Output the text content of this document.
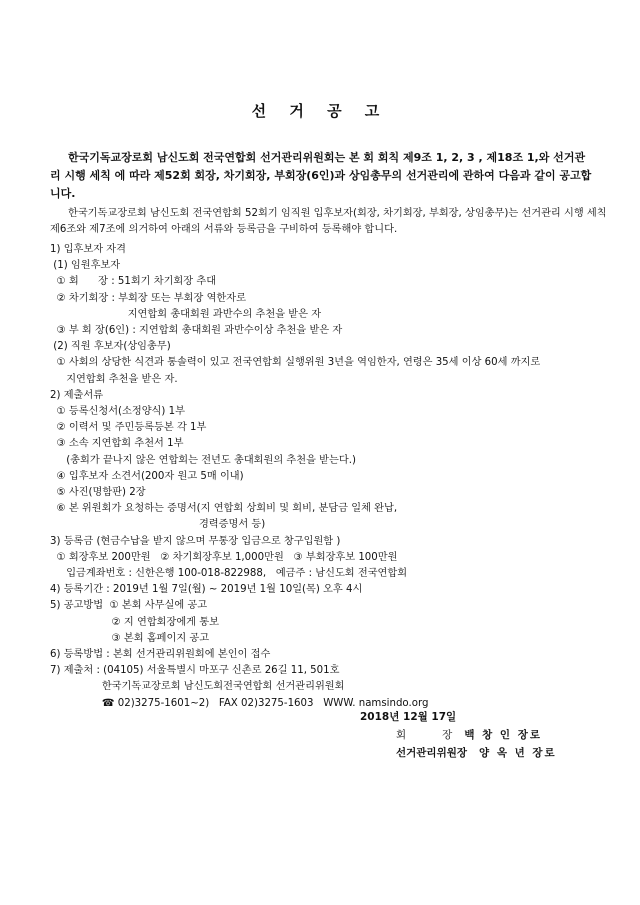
선 거 공 고

한국기독교장로회 남신도회 전국연합회 선거관리위원회는 본 회 회칙 제9조 1, 2, 3 , 제18조 1,와 선거관리 시행 세칙 에 따라 제52회 회장, 차기회장, 부회장(6인)과 상임총무의 선거관리에 관하여 다음과 같이 공고합니다.

한국기독교장로회 남신도회 전국연합회 52회기 임직원 입후보자(회장, 차기회장, 부회장, 상임총무)는 선거관리 시행 세칙 제6조와 제7조에 의거하여 아래의 서류와 등록금을 구비하여 등록해야 합니다.

1) 입후보자 자격

(1) 임원후보자

① 회      장 : 51회기 차기회장 추대

② 차기회장 : 부회장 또는 부회장 역한자로

지연합회 총대회원 과반수의 추천을 받은 자

③ 부 회 장(6인) : 지연합회 총대회원 과반수이상 추천을 받은 자

(2) 직원 후보자(상임총무)

① 사회의 상당한 식견과 통솔력이 있고 전국연합회 실행위원 3년을 역임한자, 연령은 35세 이상 60세 까지로

지연합회 추천을 받은 자.

2) 제출서류

① 등록신청서(소정양식) 1부

② 이력서 및 주민등록등본 각 1부

③ 소속 지연합회 추천서 1부

(총회가 끝나지 않은 연합회는 전년도 총대회원의 추천을 받는다.)

④ 입후보자 소견서(200자 원고 5매 이내)

⑤ 사진(명함판) 2장

⑥ 본 위원회가 요청하는 증명서(지 연합회 상회비 및 회비, 분담금 일체 완납,

경력증명서 등)

3) 등록금 (현금수납을 받지 않으며 무통장 입금으로 창구입원함 )

① 회장후보 200만원   ② 차기회장후보 1,000만원   ③ 부회장후보 100만원

입금계좌번호 : 신한은행 100-018-822988,   예금주 : 남신도회 전국연합회

4) 등록기간 : 2019년 1월 7일(월) ~ 2019년 1월 10일(목) 오후 4시

5) 공고방법  ① 본회 사무실에 공고

② 지 연합회장에게 통보

③ 본회 홈페이지 공고

6) 등록방법 : 본회 선거관리위원회에 본인이 접수

7) 제출처 : (04105) 서울특별시 마포구 신촌로 26길 11, 501호

한국기독교장로회 남신도회전국연합회 선거관리위원회

☎ 02)3275-1601~2)   FAX 02)3275-1603   WWW. namsindo.org

2018년 12월 17일
회	장 백 창 인 장로
선거관리위원장 양 옥 년 장로
